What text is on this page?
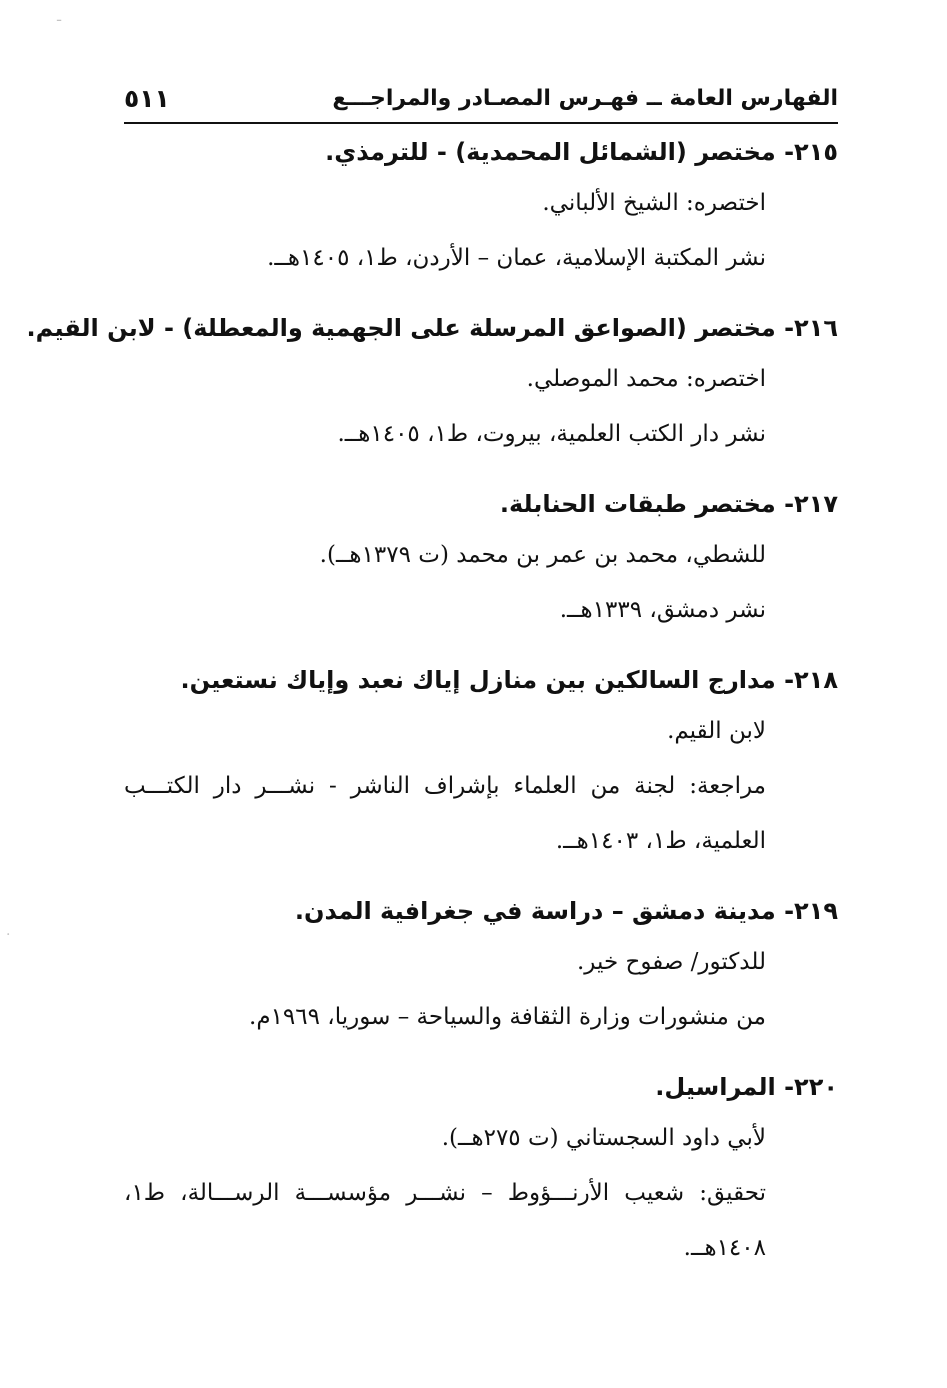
ـ
·
الفهارس العامة ــ فهـرس المصـادر والمراجـــع
٥١١
٢١٥- مختصر (الشمائل المحمدية) - للترمذي.
اختصره: الشيخ الألباني.
نشر المكتبة الإسلامية، عمان – الأردن، ط١، ١٤٠٥هــ.
٢١٦- مختصر (الصواعق المرسلة على الجهمية والمعطلة) - لابن القيم.
اختصره: محمد الموصلي.
نشر دار الكتب العلمية، بيروت، ط١، ١٤٠٥هــ.
٢١٧- مختصر طبقات الحنابلة.
للشطي، محمد بن عمر بن محمد (ت ١٣٧٩هــ).
نشر دمشق، ١٣٣٩هــ.
٢١٨- مدارج السالكين بين منازل إياك نعبد وإياك نستعين.
لابن القيم.
مراجعة: لجنة من العلماء بإشراف الناشر - نشـــر دار الكتـــب العلمية، ط١، ١٤٠٣هــ.
٢١٩- مدينة دمشق – دراسة في جغرافية المدن.
للدكتور/ صفوح خير.
من منشورات وزارة الثقافة والسياحة – سوريا، ١٩٦٩م.
٢٢٠- المراسيل.
لأبي داود السجستاني (ت ٢٧٥هــ).
تحقيق: شعيب الأرنـــؤوط – نشـــر مؤسســـة الرســـالة، ط١، ١٤٠٨هــ.
